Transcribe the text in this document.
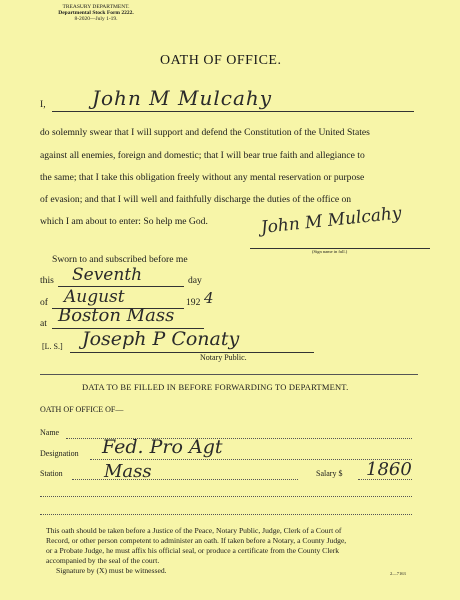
TREASURY DEPARTMENT.
Departmental Stock Form 2222.
8-2020—July 1-19.
OATH OF OFFICE.
I, John M Mulcahy
do solemnly swear that I will support and defend the Constitution of the United States
against all enemies, foreign and domestic; that I will bear true faith and allegiance to
the same; that I take this obligation freely without any mental reservation or purpose
of evasion; and that I will well and faithfully discharge the duties of the office on
which I am about to enter: So help me God.	John M Mulcahy
(Sign name in full.)
Sworn to and subscribed before me
this Seventh	day
of August	192 4
at Boston Mass
[L. S.] Joseph P Conaty
Notary Public.
DATA TO BE FILLED IN BEFORE FORWARDING TO DEPARTMENT.
OATH OF OFFICE OF—
Name
Designation Fed. Pro Agt
Station Mass	Salary $ 1860
This oath should be taken before a Justice of the Peace, Notary Public, Judge, Clerk of a Court of
Record, or other person competent to administer an oath. If taken before a Notary, a County Judge,
or a Probate Judge, he must affix his official seal, or produce a certificate from the County Clerk
accompanied by the seal of the court.
Signature by (X) must be witnessed.	2—7163
